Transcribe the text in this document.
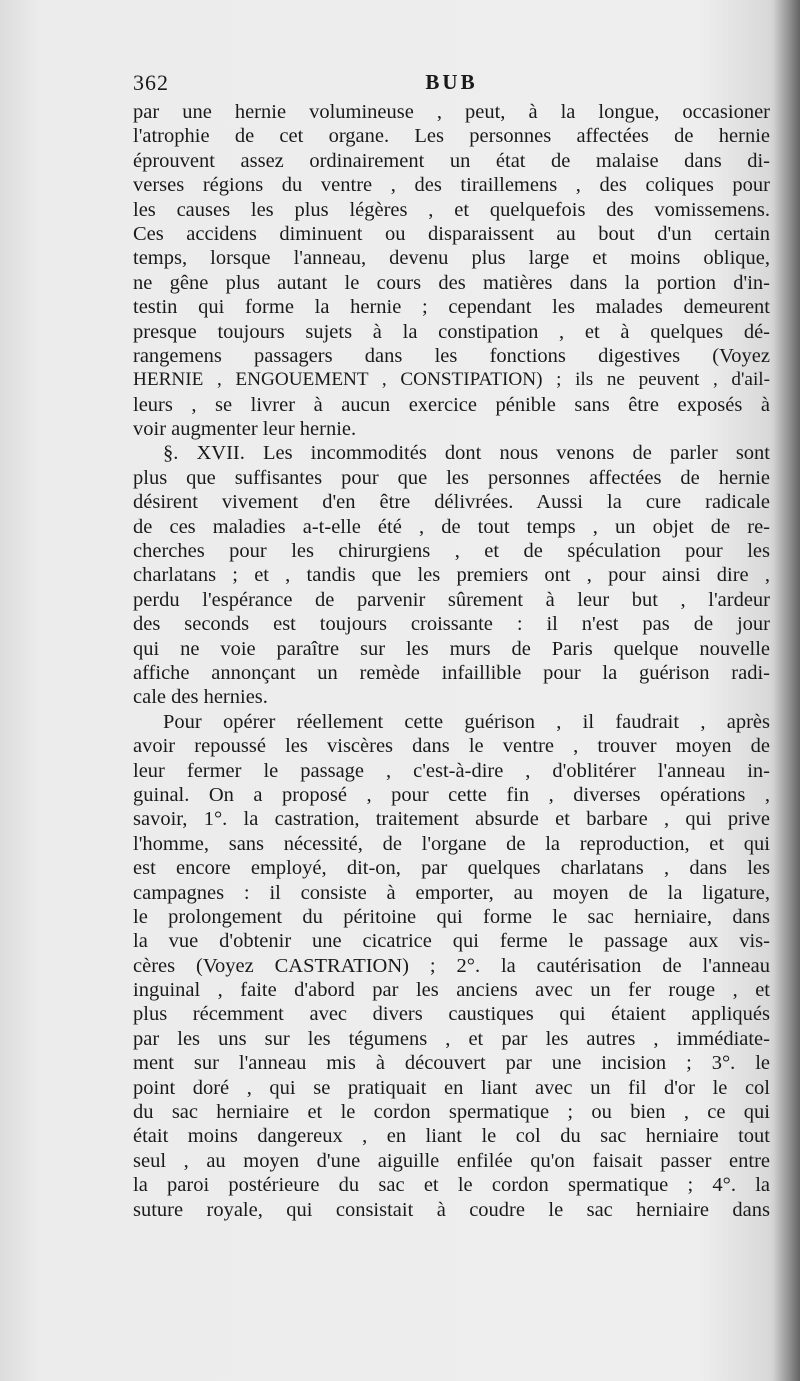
362	BUB
par une hernie volumineuse , peut, à la longue, occasioner
l'atrophie de cet organe. Les personnes affectées de hernie
éprouvent assez ordinairement un état de malaise dans di-
verses régions du ventre , des tiraillemens , des coliques pour
les causes les plus légères , et quelquefois des vomissemens.
Ces accidens diminuent ou disparaissent au bout d'un certain
temps, lorsque l'anneau, devenu plus large et moins oblique,
ne gêne plus autant le cours des matières dans la portion d'in-
testin qui forme la hernie ; cependant les malades demeurent
presque toujours sujets à la constipation , et à quelques dé-
rangemens passagers dans les fonctions digestives (Voyez
HERNIE , ENGOUEMENT , CONSTIPATION) ; ils ne peuvent , d'ail-
leurs , se livrer à aucun exercice pénible sans être exposés à
voir augmenter leur hernie.
§. XVII. Les incommodités dont nous venons de parler sont
plus que suffisantes pour que les personnes affectées de hernie
désirent vivement d'en être délivrées. Aussi la cure radicale
de ces maladies a-t-elle été , de tout temps , un objet de re-
cherches pour les chirurgiens , et de spéculation pour les
charlatans ; et , tandis que les premiers ont , pour ainsi dire ,
perdu l'espérance de parvenir sûrement à leur but , l'ardeur
des seconds est toujours croissante : il n'est pas de jour
qui ne voie paraître sur les murs de Paris quelque nouvelle
affiche annonçant un remède infaillible pour la guérison radi-
cale des hernies.
Pour opérer réellement cette guérison , il faudrait , après
avoir repoussé les viscères dans le ventre , trouver moyen de
leur fermer le passage , c'est-à-dire , d'oblitérer l'anneau in-
guinal. On a proposé , pour cette fin , diverses opérations ,
savoir, 1°. la castration, traitement absurde et barbare , qui prive
l'homme, sans nécessité, de l'organe de la reproduction, et qui
est encore employé, dit-on, par quelques charlatans , dans les
campagnes : il consiste à emporter, au moyen de la ligature,
le prolongement du péritoine qui forme le sac herniaire, dans
la vue d'obtenir une cicatrice qui ferme le passage aux vis-
cères (Voyez CASTRATION) ; 2°. la cautérisation de l'anneau
inguinal , faite d'abord par les anciens avec un fer rouge , et
plus récemment avec divers caustiques qui étaient appliqués
par les uns sur les tégumens , et par les autres , immédiate-
ment sur l'anneau mis à découvert par une incision ; 3°. le
point doré , qui se pratiquait en liant avec un fil d'or le col
du sac herniaire et le cordon spermatique ; ou bien , ce qui
était moins dangereux , en liant le col du sac herniaire tout
seul , au moyen d'une aiguille enfilée qu'on faisait passer entre
la paroi postérieure du sac et le cordon spermatique ; 4°. la
suture royale, qui consistait à coudre le sac herniaire dans
